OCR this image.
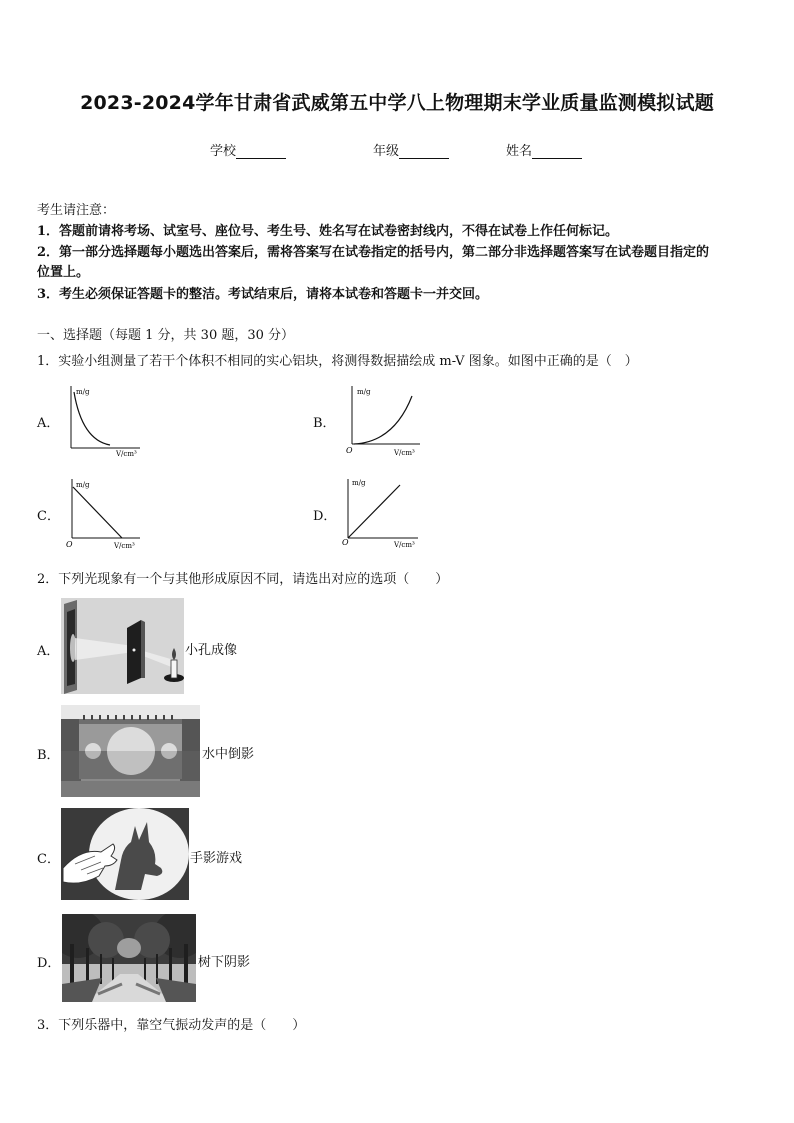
2023-2024学年甘肃省武威第五中学八上物理期末学业质量监测模拟试题
学校	年级	姓名
考生请注意：
1．答题前请将考场、试室号、座位号、考生号、姓名写在试卷密封线内，不得在试卷上作任何标记。
2．第一部分选择题每小题选出答案后，需将答案写在试卷指定的括号内，第二部分非选择题答案写在试卷题目指定的
位置上。
3．考生必须保证答题卡的整洁。考试结束后，请将本试卷和答题卡一并交回。
一、选择题（每题 1 分，共 30 题，30 分）
1．实验小组测量了若干个体积不相同的实心铝块，将测得数据描绘成 m-V 图象。如图中正确的是（　）
A．
m/g
V/cm³
B．
m/g
V/cm³
O
C．
m/g
V/cm³
O
D．
m/g
V/cm³
O
2．下列光现象有一个与其他形成原因不同，请选出对应的选项（　　）
A．	小孔成像
B．	水中倒影
C．	手影游戏
D．	树下阴影
3．下列乐器中，靠空气振动发声的是（　　）
